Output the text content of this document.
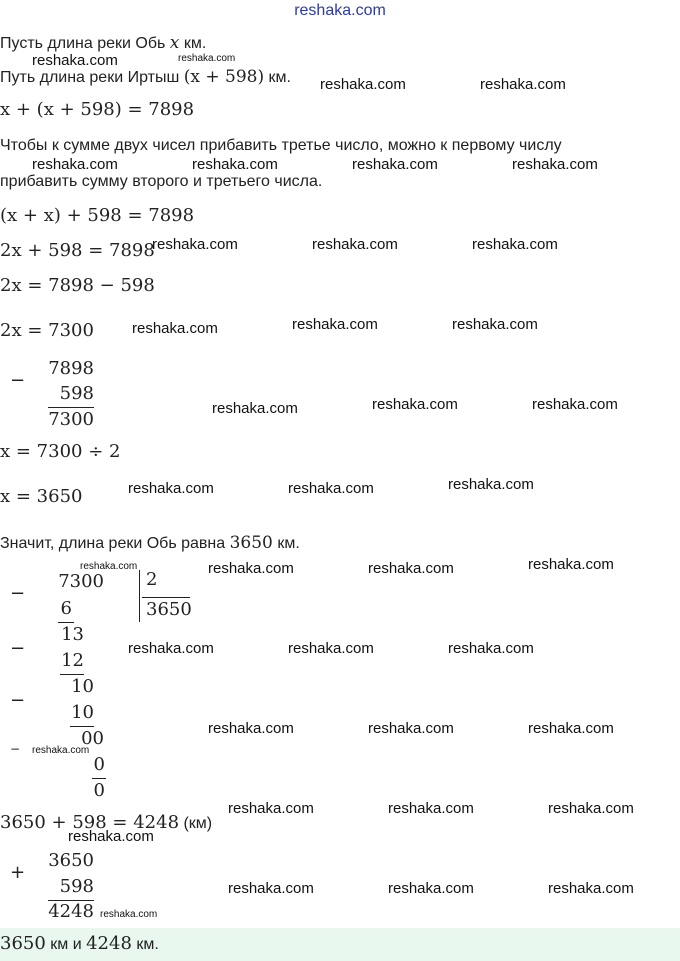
reshaka.com
Пусть длина реки Обь x км.
Путь длина реки Иртыш (x + 598) км.
x + (x + 598) = 7898
Чтобы к сумме двух чисел прибавить третье число, можно к первому числу
прибавить сумму второго и третьего числа.
(x + x) + 598 = 7898
2x + 598 = 7898
2x = 7898 − 598
2x = 7300
−
7898
598
7300
x = 7300 ÷ 2
x = 3650
Значит, длина реки Обь равна 3650 км.
−
7300 2
3650
6
−
13
12
−
10
10
00
−
0
0
3650 + 598 = 4248 (км)
+
3650
598
4248
3650 км и 4248 км.
reshaka.com	reshaka.com
reshaka.com	reshaka.com
reshaka.com	reshaka.com	reshaka.com	reshaka.com
reshaka.com	reshaka.com	reshaka.com
reshaka.com	reshaka.com	reshaka.com
reshaka.com	reshaka.com	reshaka.com
reshaka.com	reshaka.com	reshaka.com
reshaka.com	reshaka.com	reshaka.com	reshaka.com
reshaka.com	reshaka.com	reshaka.com
reshaka.com	reshaka.com	reshaka.com
reshaka.com
reshaka.com	reshaka.com	reshaka.com
reshaka.com
reshaka.com	reshaka.com	reshaka.com
reshaka.com
